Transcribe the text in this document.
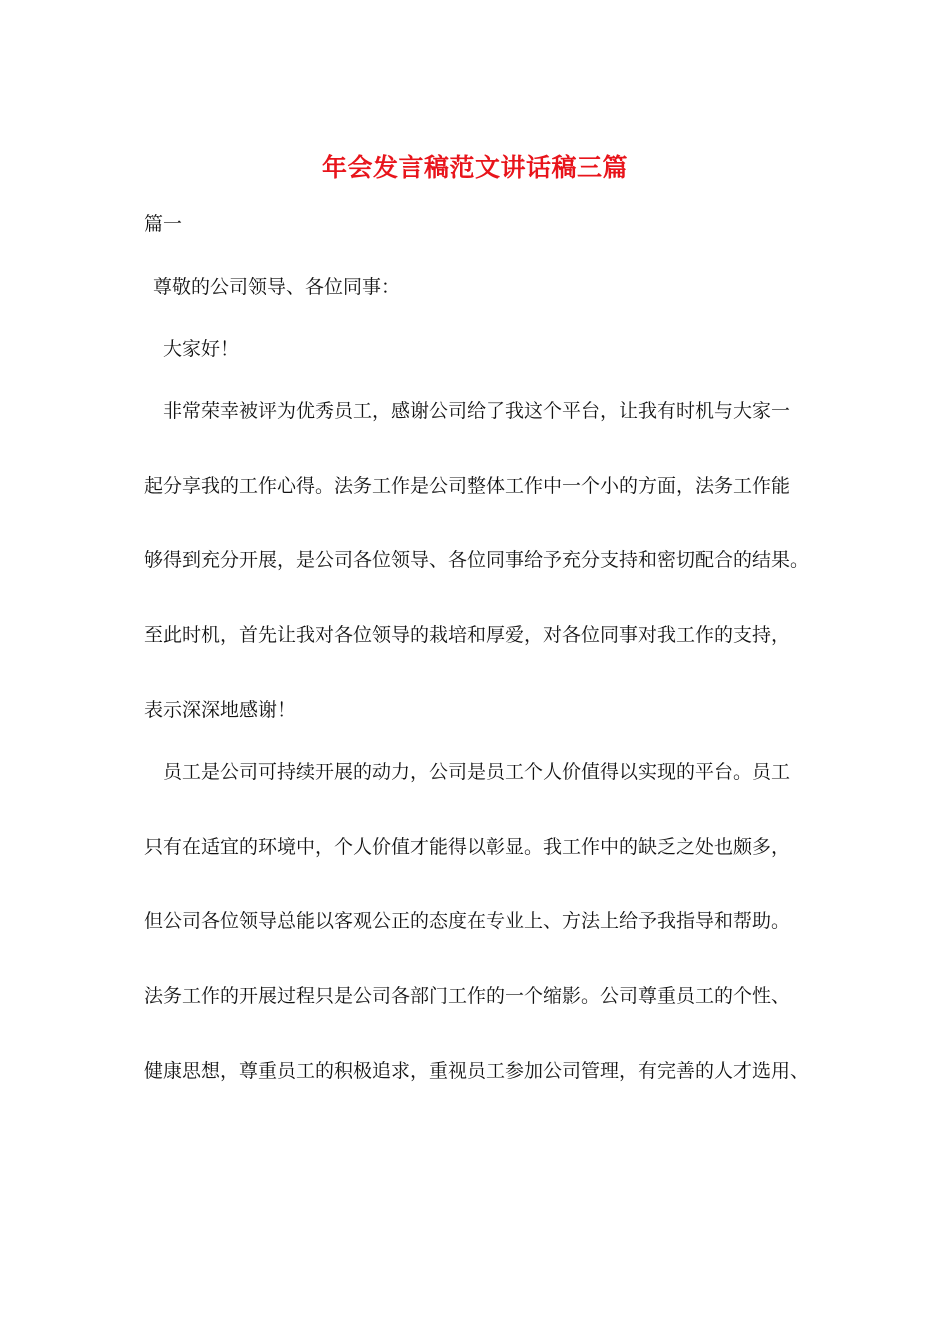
年会发言稿范文讲话稿三篇
篇一
尊敬的公司领导、各位同事：
大家好！
非常荣幸被评为优秀员工，感谢公司给了我这个平台，让我有时机与大家一
起分享我的工作心得。法务工作是公司整体工作中一个小的方面，法务工作能
够得到充分开展，是公司各位领导、各位同事给予充分支持和密切配合的结果。
至此时机，首先让我对各位领导的栽培和厚爱，对各位同事对我工作的支持，
表示深深地感谢！
员工是公司可持续开展的动力，公司是员工个人价值得以实现的平台。员工
只有在适宜的环境中，个人价值才能得以彰显。我工作中的缺乏之处也颇多，
但公司各位领导总能以客观公正的态度在专业上、方法上给予我指导和帮助。
法务工作的开展过程只是公司各部门工作的一个缩影。公司尊重员工的个性、
健康思想，尊重员工的积极追求，重视员工参加公司管理，有完善的人才选用、
